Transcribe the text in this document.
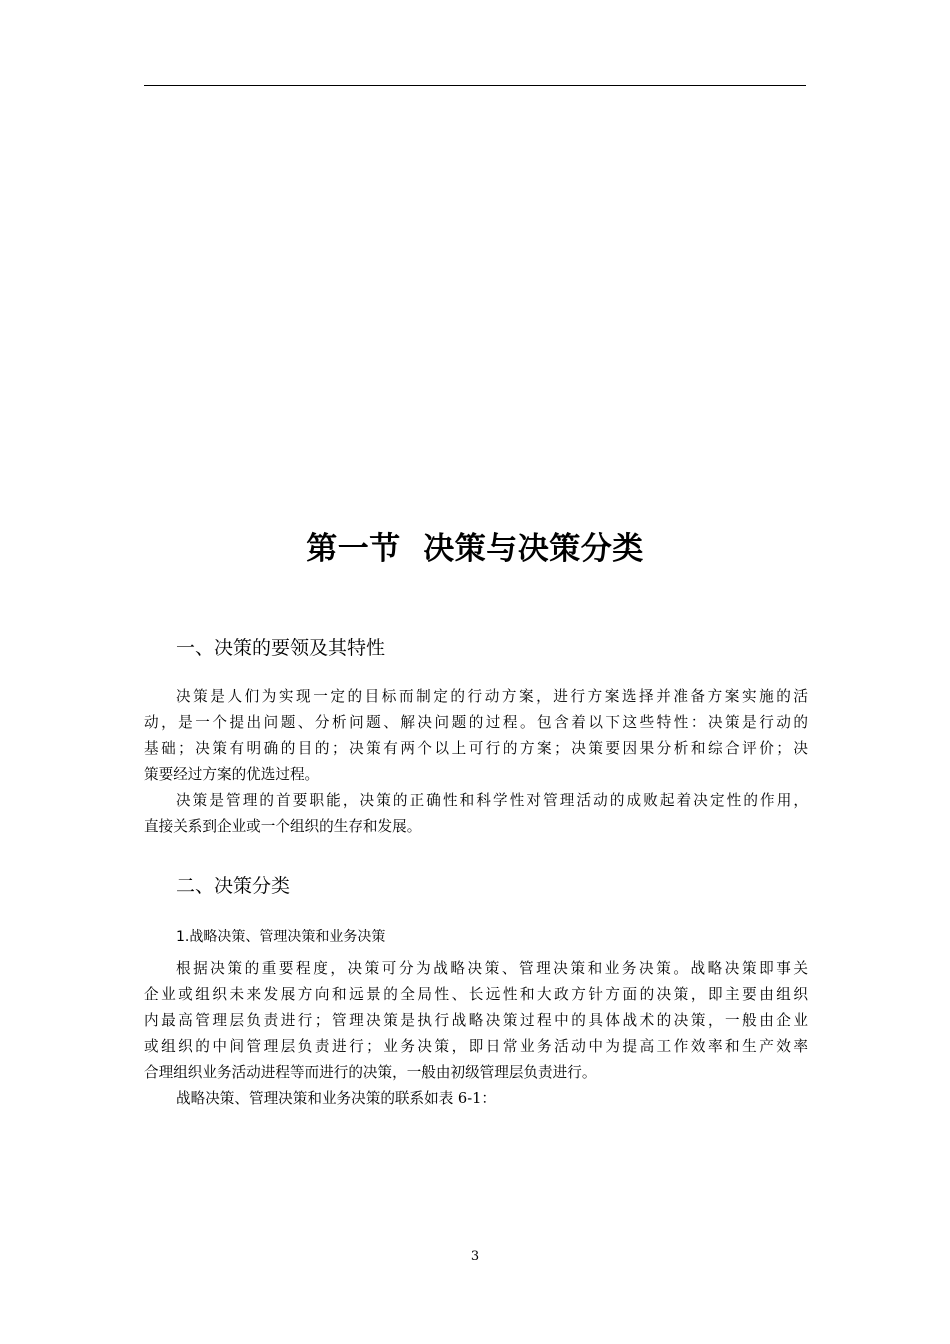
第一节  决策与决策分类
一、决策的要领及其特性
决策是人们为实现一定的目标而制定的行动方案，进行方案选择并准备方案实施的活
动，是一个提出问题、分析问题、解决问题的过程。包含着以下这些特性：决策是行动的
基础；决策有明确的目的；决策有两个以上可行的方案；决策要因果分析和综合评价；决
策要经过方案的优选过程。
决策是管理的首要职能，决策的正确性和科学性对管理活动的成败起着决定性的作用，
直接关系到企业或一个组织的生存和发展。
二、决策分类
1.战略决策、管理决策和业务决策
根据决策的重要程度，决策可分为战略决策、管理决策和业务决策。战略决策即事关
企业或组织未来发展方向和远景的全局性、长远性和大政方针方面的决策，即主要由组织
内最高管理层负责进行；管理决策是执行战略决策过程中的具体战术的决策，一般由企业
或组织的中间管理层负责进行；业务决策，即日常业务活动中为提高工作效率和生产效率
合理组织业务活动进程等而进行的决策，一般由初级管理层负责进行。
战略决策、管理决策和业务决策的联系如表 6-1：
3
